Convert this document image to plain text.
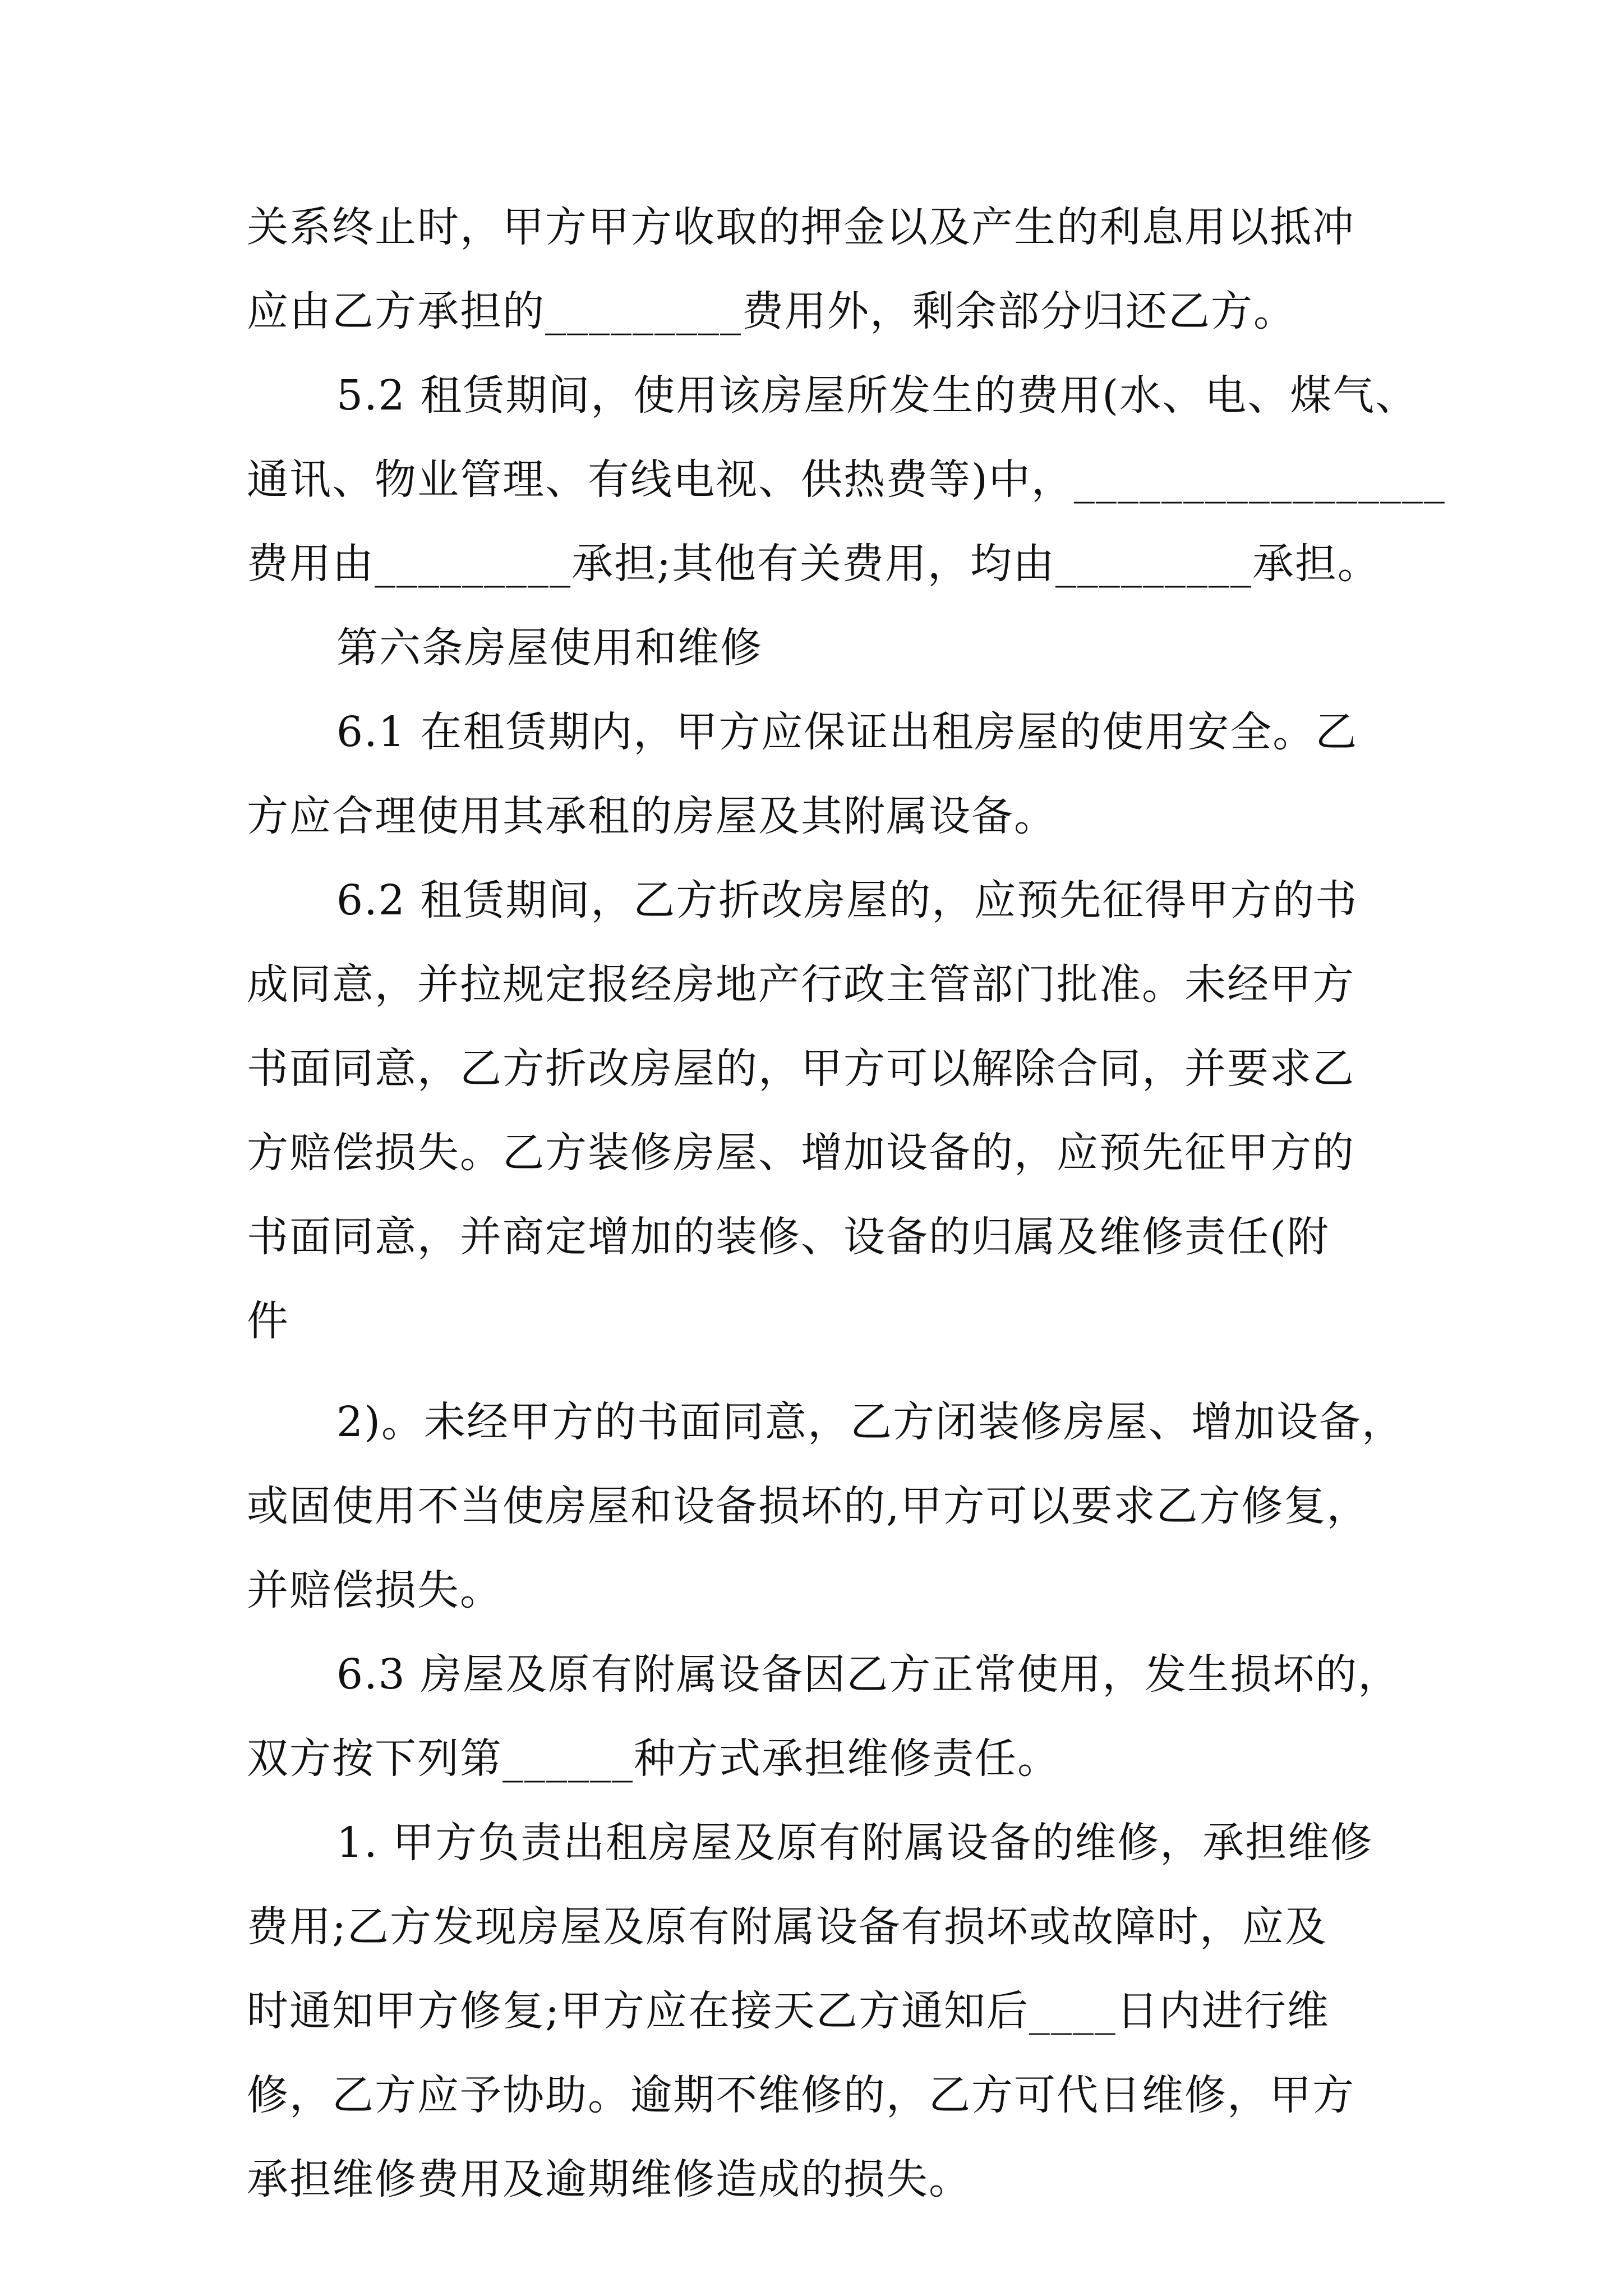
关系终止时，甲方甲方收取的押金以及产生的利息用以抵冲
应由乙方承担的_________费用外，剩余部分归还乙方。
5.2 租赁期间，使用该房屋所发生的费用(水、电、煤气、
通讯、物业管理、有线电视、供热费等)中，_________________
费用由_________承担;其他有关费用，均由_________承担。
第六条房屋使用和维修
6.1 在租赁期内，甲方应保证出租房屋的使用安全。乙
方应合理使用其承租的房屋及其附属设备。
6.2 租赁期间，乙方折改房屋的，应预先征得甲方的书
成同意，并拉规定报经房地产行政主管部门批准。未经甲方
书面同意，乙方折改房屋的，甲方可以解除合同，并要求乙
方赔偿损失。乙方装修房屋、增加设备的，应预先征甲方的
书面同意，并商定增加的装修、设备的归属及维修责任(附
件
2)。未经甲方的书面同意，乙方闭装修房屋、增加设备，
或固使用不当使房屋和设备损坏的,甲方可以要求乙方修复，
并赔偿损失。
6.3 房屋及原有附属设备因乙方正常使用，发生损坏的，
双方按下列第______种方式承担维修责任。
1. 甲方负责出租房屋及原有附属设备的维修，承担维修
费用;乙方发现房屋及原有附属设备有损坏或故障时，应及
时通知甲方修复;甲方应在接天乙方通知后____日内进行维
修，乙方应予协助。逾期不维修的，乙方可代日维修，甲方
承担维修费用及逾期维修造成的损失。
